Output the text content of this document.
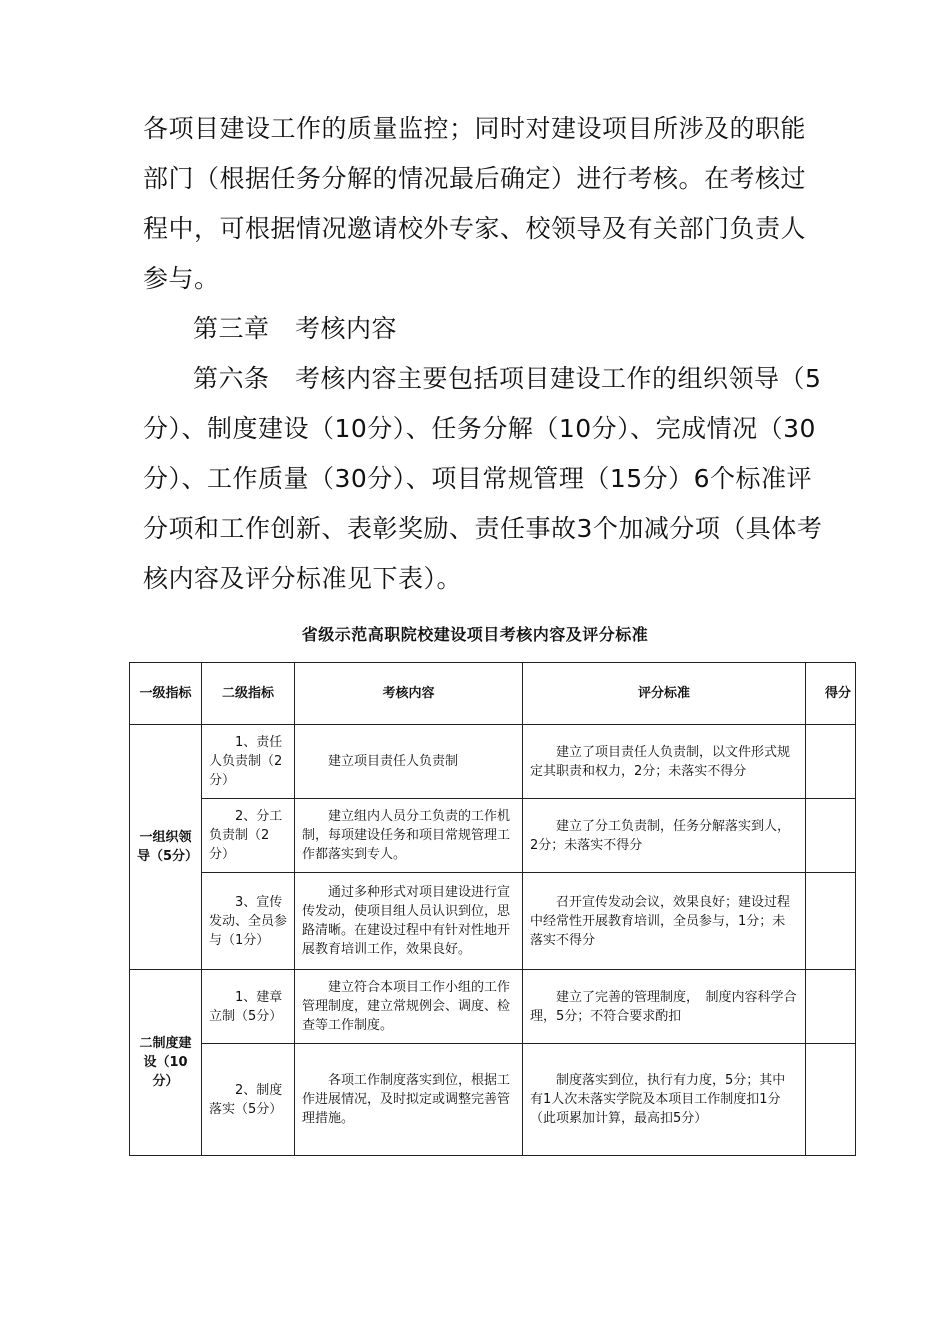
各项目建设工作的质量监控；同时对建设项目所涉及的职能部门（根据任务分解的情况最后确定）进行考核。在考核过程中，可根据情况邀请校外专家、校领导及有关部门负责人参与。

第三章　考核内容

第六条　考核内容主要包括项目建设工作的组织领导（5分）、制度建设（10分）、任务分解（10分）、完成情况（30分）、工作质量（30分）、项目常规管理（15分）6个标准评分项和工作创新、表彰奖励、责任事故3个加减分项（具体考核内容及评分标准见下表）。

省级示范高职院校建设项目考核内容及评分标准
一级指标	二级指标	考核内容	评分标准	得分
一组织领导（5分）	1、责任人负责制（2分）	建立项目责任人负责制	建立了项目责任人负责制，以文件形式规定其职责和权力，2分；未落实不得分	
	2、分工负责制（2分）	建立组内人员分工负责的工作机制，每项建设任务和项目常规管理工作都落实到专人。	建立了分工负责制，任务分解落实到人，2分；未落实不得分	
	3、宣传发动、全员参与（1分）	通过多种形式对项目建设进行宣传发动，使项目组人员认识到位，思路清晰。在建设过程中有针对性地开展教育培训工作，效果良好。	召开宣传发动会议，效果良好；建设过程中经常性开展教育培训，全员参与，1分；未落实不得分	
二制度建设（10分）	1、建章立制（5分）	建立符合本项目工作小组的工作管理制度，建立常规例会、调度、检查等工作制度。	建立了完善的管理制度，　制度内容科学合理，5分；不符合要求酌扣	
	2、制度落实（5分）	各项工作制度落实到位，根据工作进展情况，及时拟定或调整完善管理措施。	制度落实到位，执行有力度，5分；其中有1人次未落实学院及本项目工作制度扣1分（此项累加计算，最高扣5分）	
